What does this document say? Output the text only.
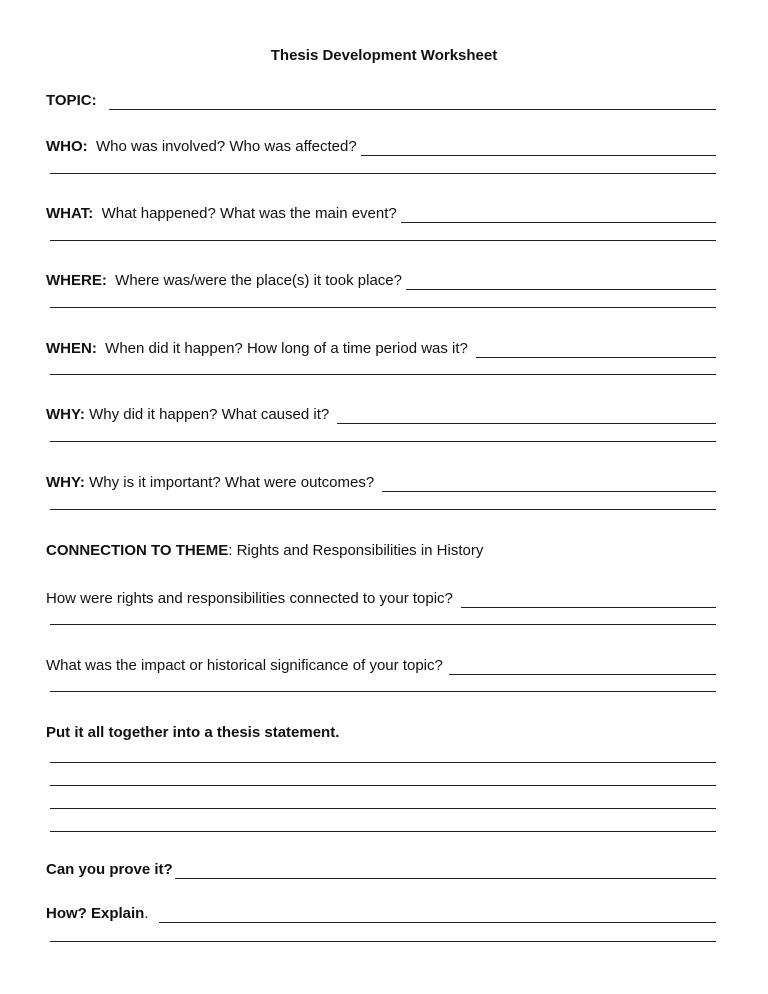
Thesis Development Worksheet
TOPIC:
WHO: Who was involved? Who was affected?
WHAT: What happened? What was the main event?
WHERE: Where was/were the place(s) it took place?
WHEN: When did it happen? How long of a time period was it?
WHY: Why did it happen? What caused it?
WHY: Why is it important? What were outcomes?
CONNECTION TO THEME: Rights and Responsibilities in History
How were rights and responsibilities connected to your topic?
What was the impact or historical significance of your topic?
Put it all together into a thesis statement.
Can you prove it?
How? Explain.
